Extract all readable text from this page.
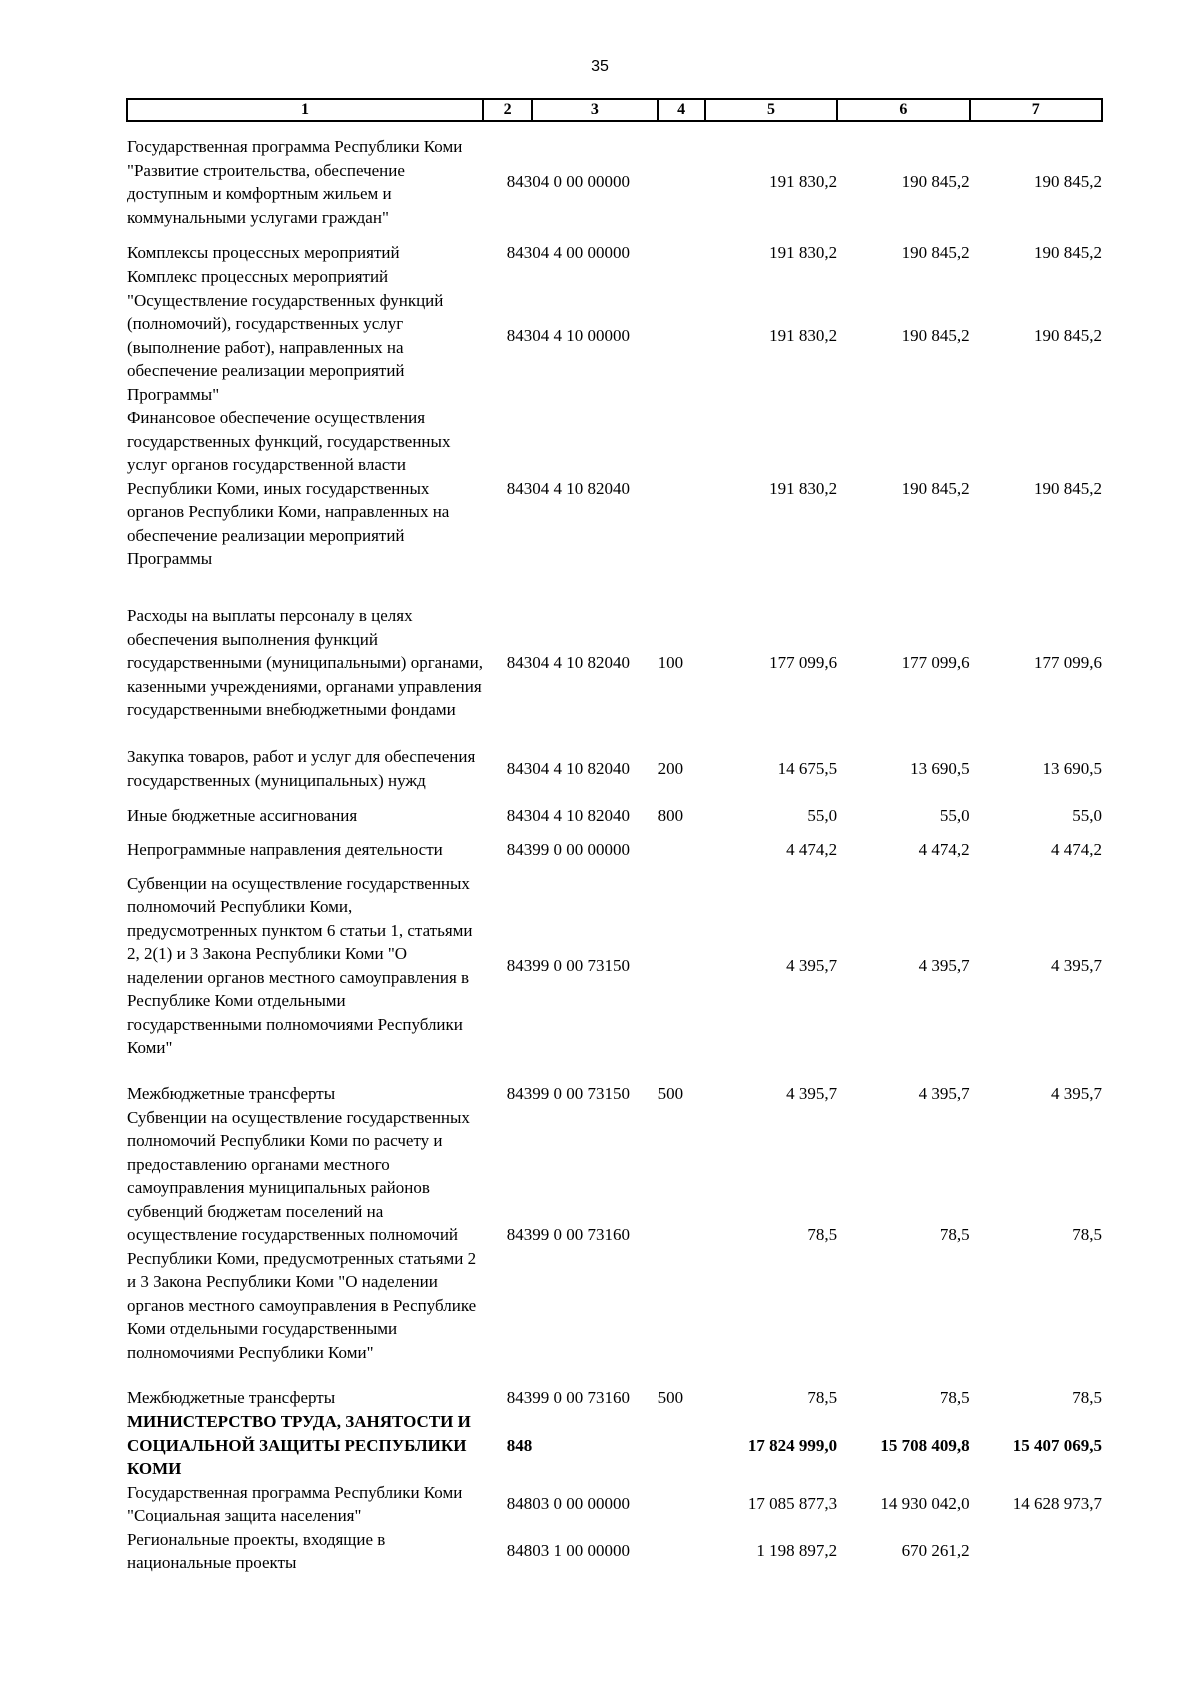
35
1	2	3	4	5	6	7

Государственная программа Республики Коми "Развитие строительства, обеспечение доступным и комфортным жильем и коммунальными услугами граждан"	843	04 0 00 00000		191 830,2	190 845,2	190 845,2

Комплексы процессных мероприятий	843	04 4 00 00000		191 830,2	190 845,2	190 845,2
Комплекс процессных мероприятий "Осуществление государственных функций (полномочий), государственных услуг (выполнение работ), направленных на обеспечение реализации мероприятий Программы"	843	04 4 10 00000		191 830,2	190 845,2	190 845,2
Финансовое обеспечение осуществления государственных функций, государственных услуг органов государственной власти Республики Коми, иных государственных органов Республики Коми, направленных на обеспечение реализации мероприятий Программы	843	04 4 10 82040		191 830,2	190 845,2	190 845,2

Расходы на выплаты персоналу в целях обеспечения выполнения функций государственными (муниципальными) органами, казенными учреждениями, органами управления государственными внебюджетными фондами	843	04 4 10 82040	100	177 099,6	177 099,6	177 099,6
Закупка товаров, работ и услуг для обеспечения государственных (муниципальных) нужд	843	04 4 10 82040	200	14 675,5	13 690,5	13 690,5
Иные бюджетные ассигнования	843	04 4 10 82040	800	55,0	55,0	55,0

Непрограммные направления деятельности	843	99 0 00 00000		4 474,2	4 474,2	4 474,2

Субвенции на осуществление государственных полномочий Республики Коми, предусмотренных пунктом 6 статьи 1, статьями 2, 2(1) и 3 Закона Республики Коми "О наделении органов местного самоуправления в Республике Коми отдельными государственными полномочиями Республики Коми"	843	99 0 00 73150		4 395,7	4 395,7	4 395,7

Межбюджетные трансферты	843	99 0 00 73150	500	4 395,7	4 395,7	4 395,7
Субвенции на осуществление государственных полномочий Республики Коми по расчету и предоставлению органами местного самоуправления муниципальных районов субвенций бюджетам поселений на осуществление государственных полномочий Республики Коми, предусмотренных статьями 2 и 3 Закона Республики Коми "О наделении органов местного самоуправления в Республике Коми отдельными государственными полномочиями Республики Коми"	843	99 0 00 73160		78,5	78,5	78,5

Межбюджетные трансферты	843	99 0 00 73160	500	78,5	78,5	78,5
МИНИСТЕРСТВО ТРУДА, ЗАНЯТОСТИ И СОЦИАЛЬНОЙ ЗАЩИТЫ РЕСПУБЛИКИ КОМИ	848			17 824 999,0	15 708 409,8	15 407 069,5
Государственная программа Республики Коми "Социальная защита населения"	848	03 0 00 00000		17 085 877,3	14 930 042,0	14 628 973,7
Региональные проекты, входящие в национальные проекты	848	03 1 00 00000		1 198 897,2	670 261,2	
